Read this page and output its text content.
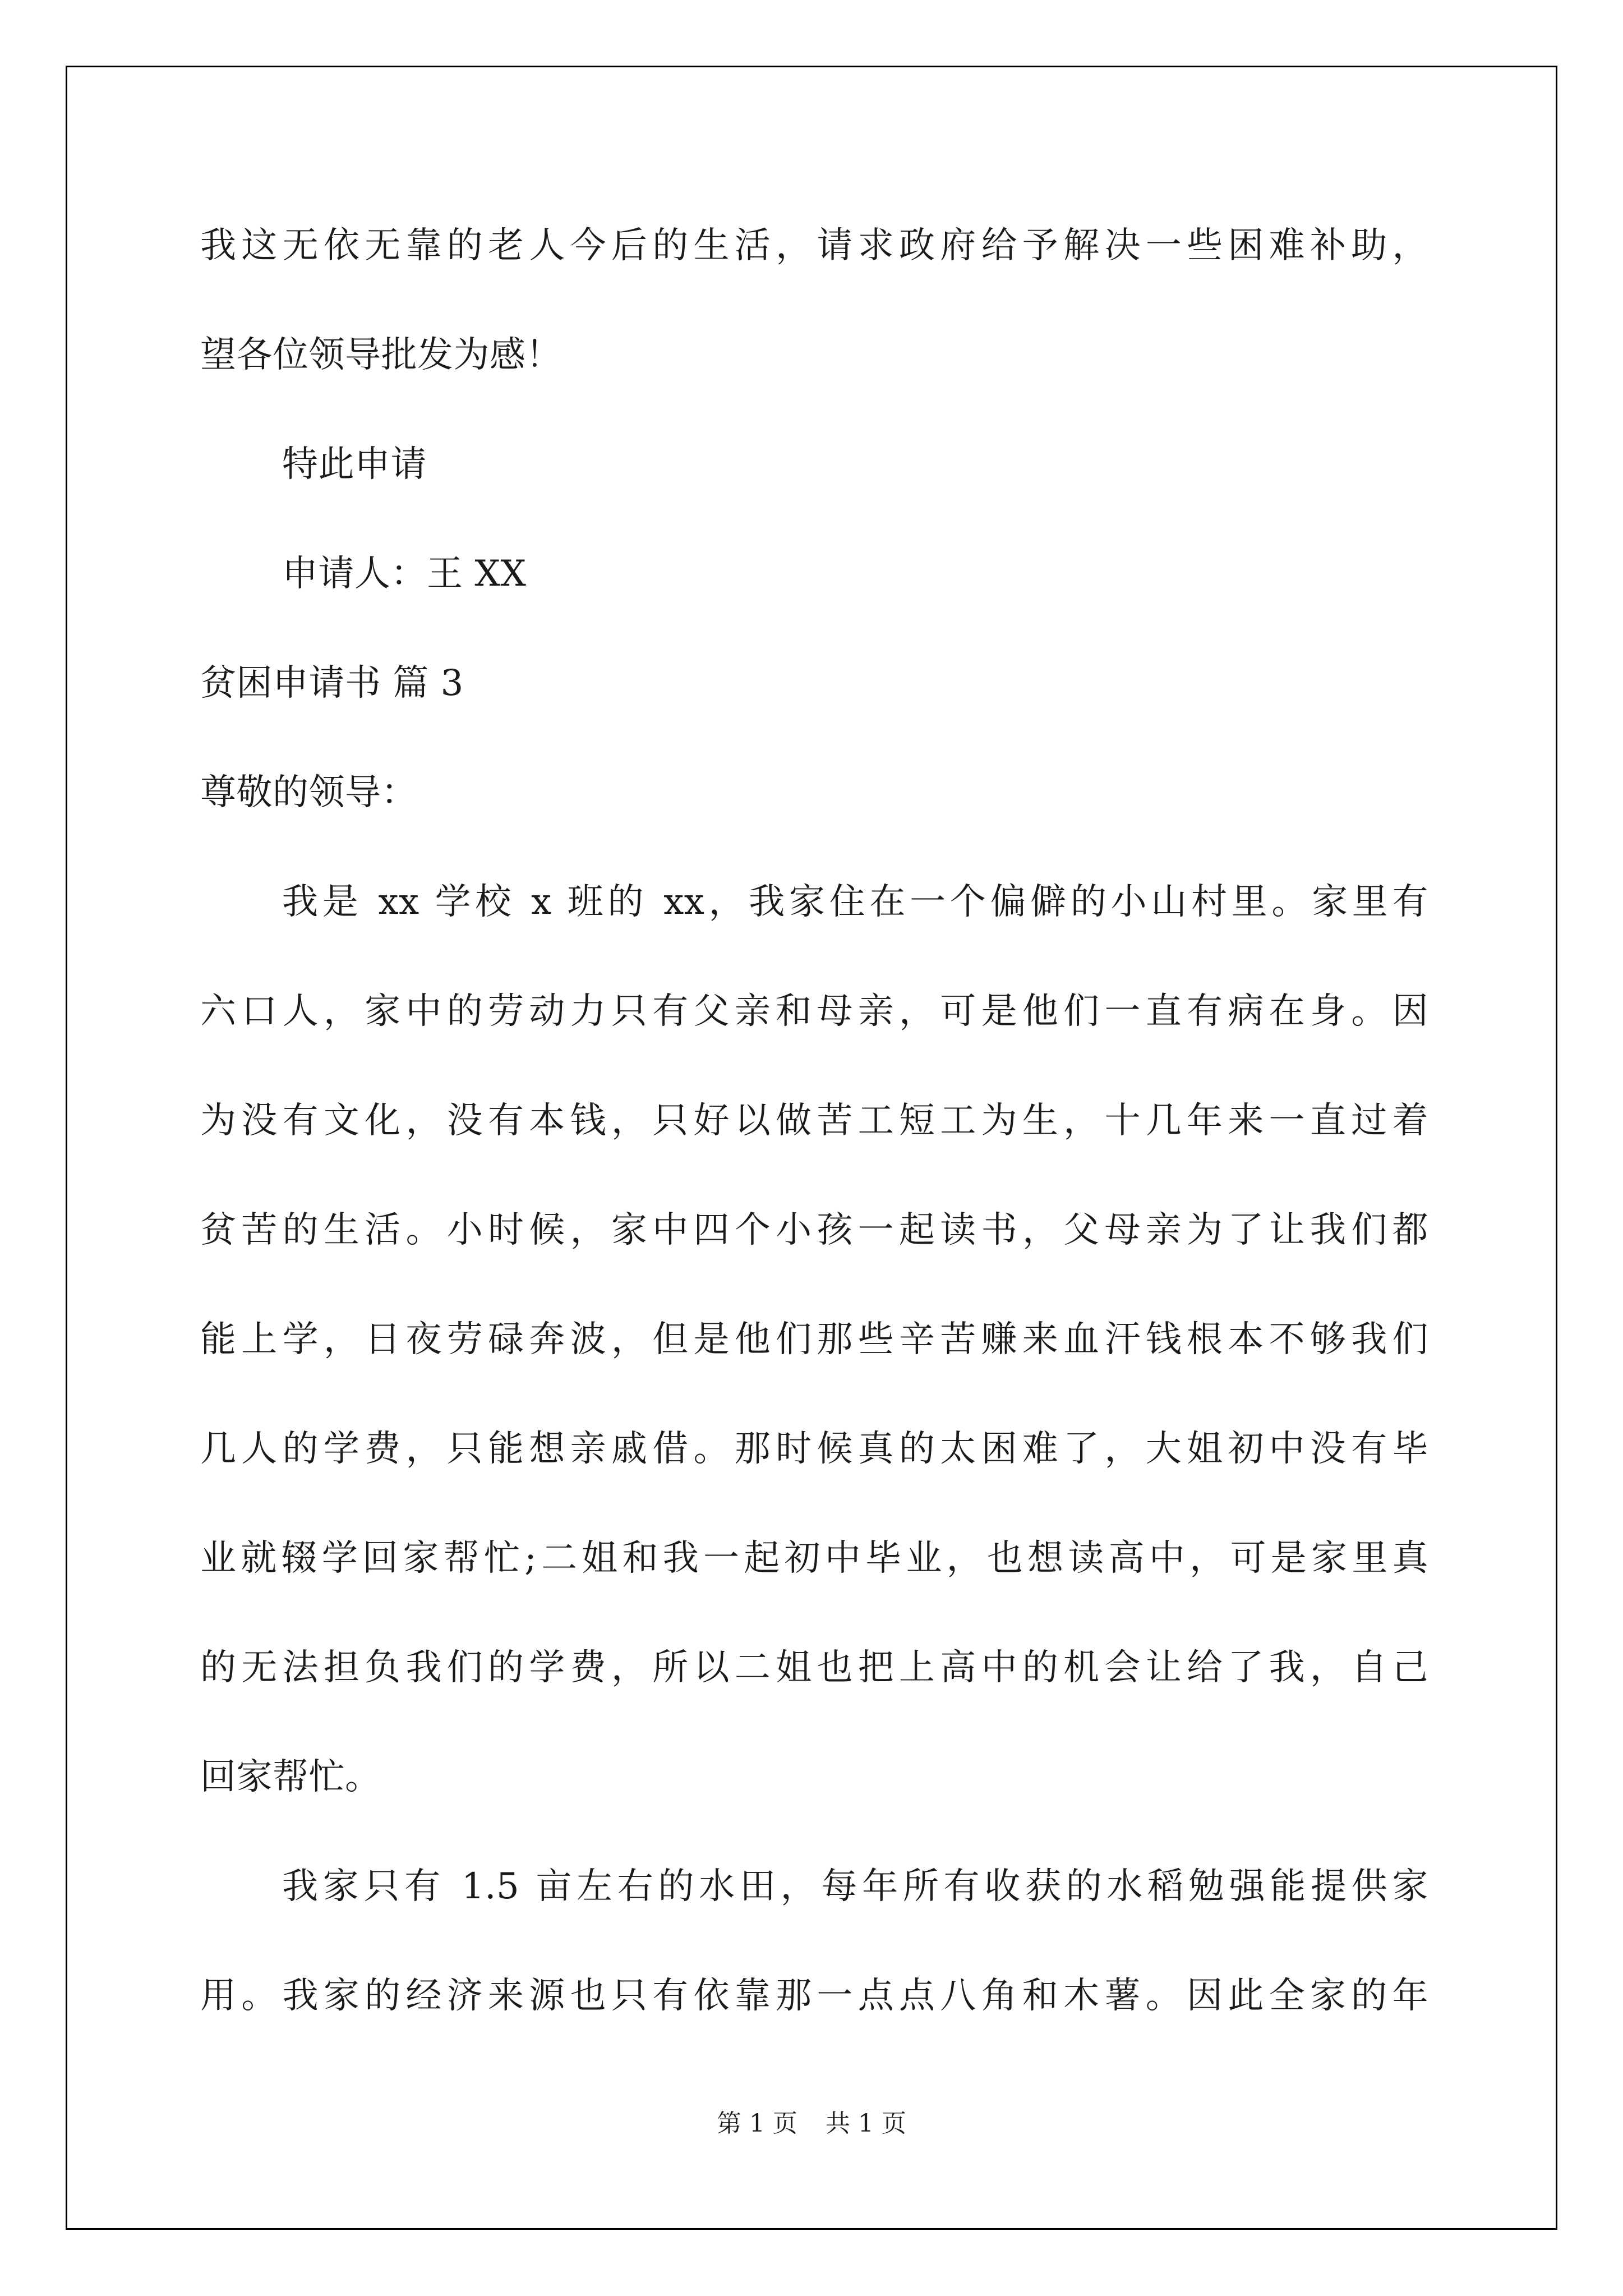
我这无依无靠的老人今后的生活，请求政府给予解决一些困难补助，
望各位领导批发为感！
特此申请
申请人：王 XX
贫困申请书 篇 3
尊敬的领导：
我是 xx 学校 x 班的 xx，我家住在一个偏僻的小山村里。家里有
六口人，家中的劳动力只有父亲和母亲，可是他们一直有病在身。因
为没有文化，没有本钱，只好以做苦工短工为生，十几年来一直过着
贫苦的生活。小时候，家中四个小孩一起读书，父母亲为了让我们都
能上学，日夜劳碌奔波，但是他们那些辛苦赚来血汗钱根本不够我们
几人的学费，只能想亲戚借。那时候真的太困难了，大姐初中没有毕
业就辍学回家帮忙;二姐和我一起初中毕业，也想读高中，可是家里真
的无法担负我们的学费，所以二姐也把上高中的机会让给了我，自己
回家帮忙。
我家只有 1.5 亩左右的水田，每年所有收获的水稻勉强能提供家
用。我家的经济来源也只有依靠那一点点八角和木薯。因此全家的年
第 1 页 共 1 页
